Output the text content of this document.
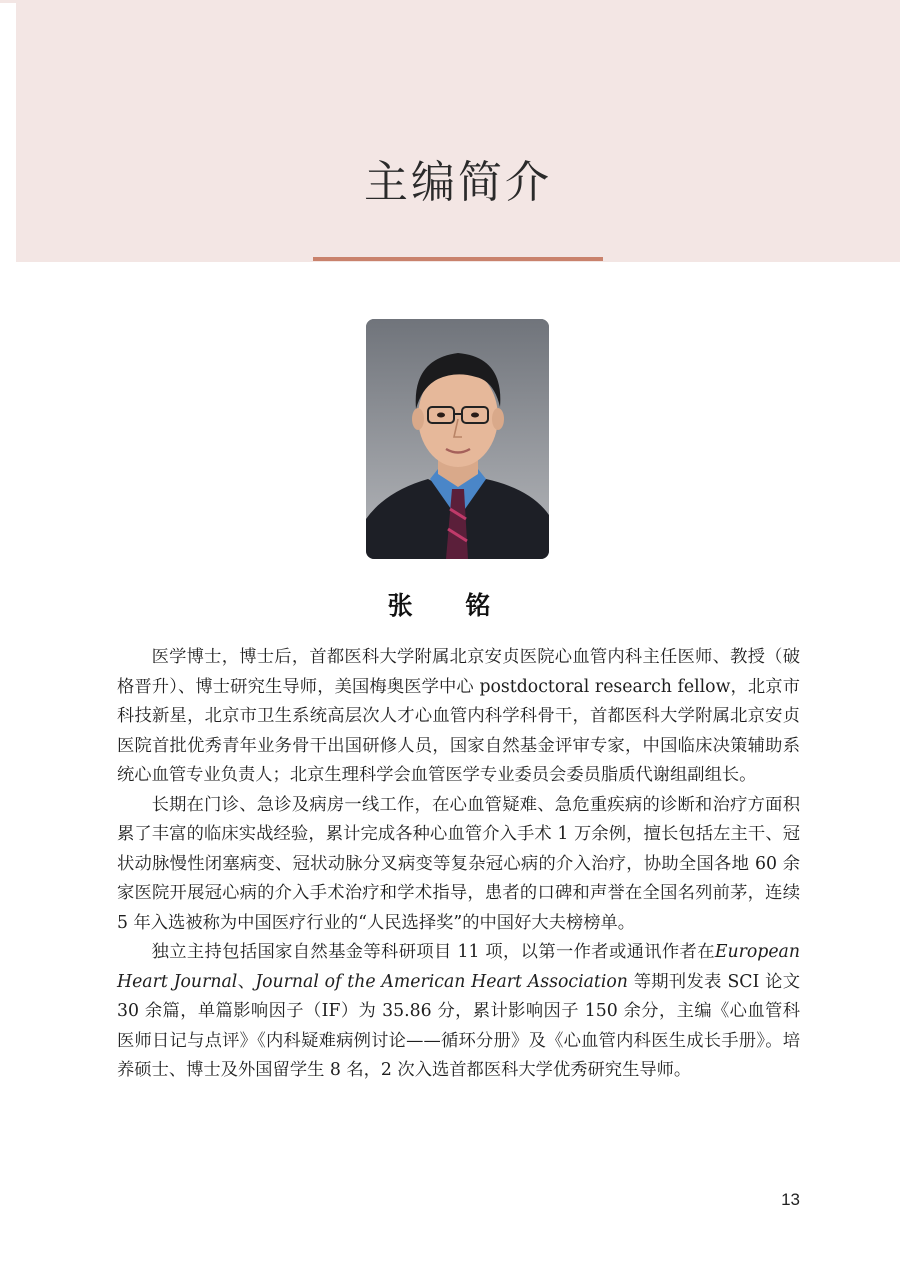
主编简介
张 铭

医学博士，博士后，首都医科大学附属北京安贞医院心血管内科主任医师、教授（破格晋升）、博士研究生导师，美国梅奥医学中心 postdoctoral research fellow，北京市科技新星，北京市卫生系统高层次人才心血管内科学科骨干，首都医科大学附属北京安贞医院首批优秀青年业务骨干出国研修人员，国家自然基金评审专家，中国临床决策辅助系统心血管专业负责人；北京生理科学会血管医学专业委员会委员脂质代谢组副组长。

长期在门诊、急诊及病房一线工作，在心血管疑难、急危重疾病的诊断和治疗方面积累了丰富的临床实战经验，累计完成各种心血管介入手术 1 万余例，擅长包括左主干、冠状动脉慢性闭塞病变、冠状动脉分叉病变等复杂冠心病的介入治疗，协助全国各地 60 余家医院开展冠心病的介入手术治疗和学术指导，患者的口碑和声誉在全国名列前茅，连续 5 年入选被称为中国医疗行业的“人民选择奖”的中国好大夫榜榜单。

独立主持包括国家自然基金等科研项目 11 项，以第一作者或通讯作者在European Heart Journal、Journal of the American Heart Association 等期刊发表 SCI 论文 30 余篇，单篇影响因子（IF）为 35.86 分，累计影响因子 150 余分，主编《心血管科医师日记与点评》《内科疑难病例讨论——循环分册》及《心血管内科医生成长手册》。培养硕士、博士及外国留学生 8 名，2 次入选首都医科大学优秀研究生导师。

13
